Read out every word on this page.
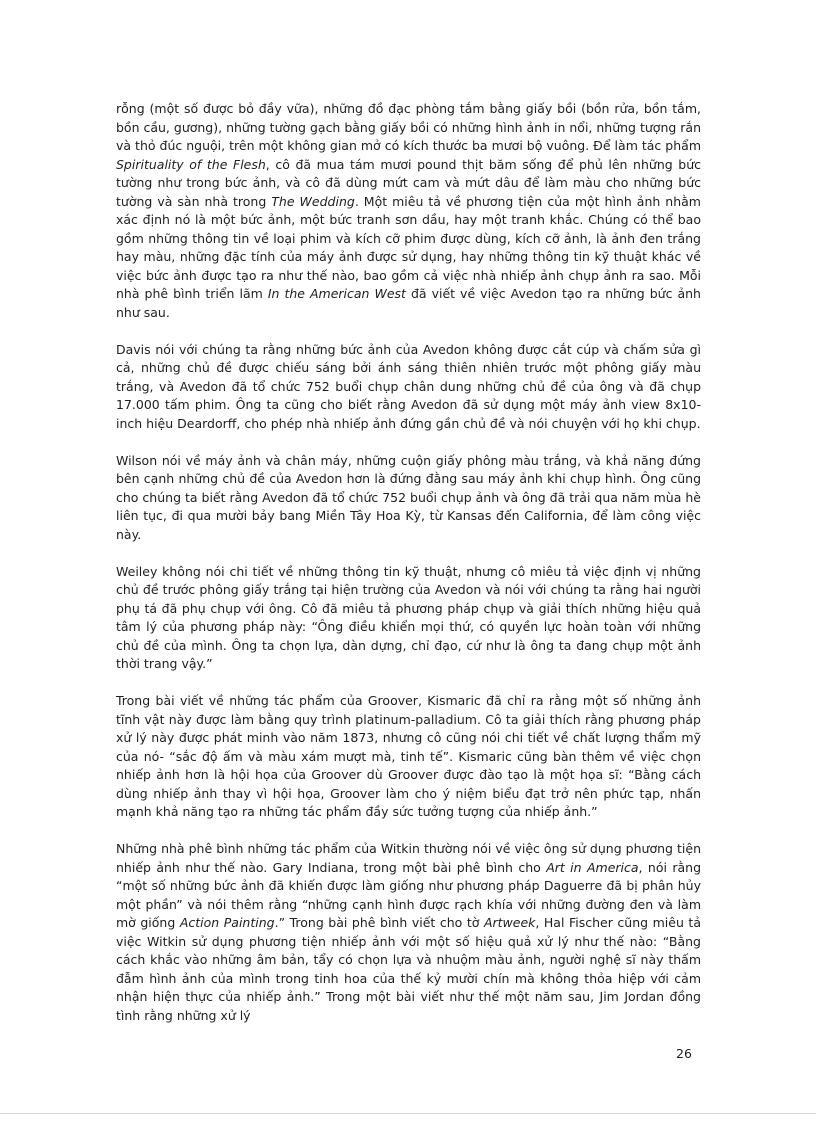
rỗng (một số được bỏ đầy vữa), những đồ đạc phòng tắm bằng giấy bồi (bồn rửa, bồn tắm, bồn cầu, gương), những tường gạch bằng giấy bồi có những hình ảnh in nổi, những tượng rắn và thỏ đúc nguội, trên một không gian mở có kích thước ba mươi bộ vuông. Để làm tác phẩm Spirituality of the Flesh, cô đã mua tám mươi pound thịt băm sống để phủ lên những bức tường như trong bức ảnh, và cô đã dùng mứt cam và mứt dâu để làm màu cho những bức tường và sàn nhà trong The Wedding. Một miêu tả về phương tiện của một hình ảnh nhằm xác định nó là một bức ảnh, một bức tranh sơn dầu, hay một tranh khắc. Chúng có thể bao gồm những thông tin về loại phim và kích cỡ phim được dùng, kích cỡ ảnh, là ảnh đen trắng hay màu, những đặc tính của máy ảnh được sử dụng, hay những thông tin kỹ thuật khác về việc bức ảnh được tạo ra như thế nào, bao gồm cả việc nhà nhiếp ảnh chụp ảnh ra sao. Mỗi nhà phê bình triển lãm In the American West đã viết về việc Avedon tạo ra những bức ảnh như sau.

Davis nói với chúng ta rằng những bức ảnh của Avedon không được cắt cúp và chấm sửa gì cả, những chủ đề được chiếu sáng bởi ánh sáng thiên nhiên trước một phông giấy màu trắng, và Avedon đã tổ chức 752 buổi chụp chân dung những chủ đề của ông và đã chụp 17.000 tấm phim. Ông ta cũng cho biết rằng Avedon đã sử dụng một máy ảnh view 8x10-inch hiệu Deardorff, cho phép nhà nhiếp ảnh đứng gần chủ đề và nói chuyện với họ khi chụp.

Wilson nói về máy ảnh và chân máy, những cuộn giấy phông màu trắng, và khả năng đứng bên cạnh những chủ đề của Avedon hơn là đứng đằng sau máy ảnh khi chụp hình. Ông cũng cho chúng ta biết rằng Avedon đã tổ chức 752 buổi chụp ảnh và ông đã trải qua năm mùa hè liên tục, đi qua mười bảy bang Miền Tây Hoa Kỳ, từ Kansas đến California, để làm công việc này.

Weiley không nói chi tiết về những thông tin kỹ thuật, nhưng cô miêu tả việc định vị những chủ đề trước phông giấy trắng tại hiện trường của Avedon và nói với chúng ta rằng hai người phụ tá đã phụ chụp với ông. Cô đã miêu tả phương pháp chụp và giải thích những hiệu quả tâm lý của phương pháp này: “Ông điều khiển mọi thứ, có quyền lực hoàn toàn với những chủ đề của mình. Ông ta chọn lựa, dàn dựng, chỉ đạo, cứ như là ông ta đang chụp một ảnh thời trang vậy.”

Trong bài viết về những tác phẩm của Groover, Kismaric đã chỉ ra rằng một số những ảnh tĩnh vật này được làm bằng quy trình platinum-palladium. Cô ta giải thích rằng phương pháp xử lý này được phát minh vào năm 1873, nhưng cô cũng nói chi tiết về chất lượng thẩm mỹ của nó- “sắc độ ấm và màu xám mượt mà, tinh tế”. Kismaric cũng bàn thêm về việc chọn nhiếp ảnh hơn là hội họa của Groover dù Groover được đào tạo là một họa sĩ: “Bằng cách dùng nhiếp ảnh thay vì hội họa, Groover làm cho ý niệm biểu đạt trở nên phức tạp, nhấn mạnh khả năng tạo ra những tác phẩm đầy sức tưởng tượng của nhiếp ảnh.”

Những nhà phê bình những tác phẩm của Witkin thường nói về việc ông sử dụng phương tiện nhiếp ảnh như thế nào. Gary Indiana, trong một bài phê bình cho Art in America, nói rằng “một số những bức ảnh đã khiến được làm giống như phương pháp Daguerre đã bị phân hủy một phần” và nói thêm rằng “những cạnh hình được rạch khía với những đường đen và làm mờ giống Action Painting.” Trong bài phê bình viết cho tờ Artweek, Hal Fischer cũng miêu tả việc Witkin sử dụng phương tiện nhiếp ảnh với một số hiệu quả xử lý như thế nào: “Bằng cách khắc vào những âm bản, tẩy có chọn lựa và nhuộm màu ảnh, người nghệ sĩ này thấm đẫm hình ảnh của mình trong tinh hoa của thế kỷ mười chín mà không thỏa hiệp với cảm nhận hiện thực của nhiếp ảnh.” Trong một bài viết như thế một năm sau, Jim Jordan đồng tình rằng những xử lý

26
